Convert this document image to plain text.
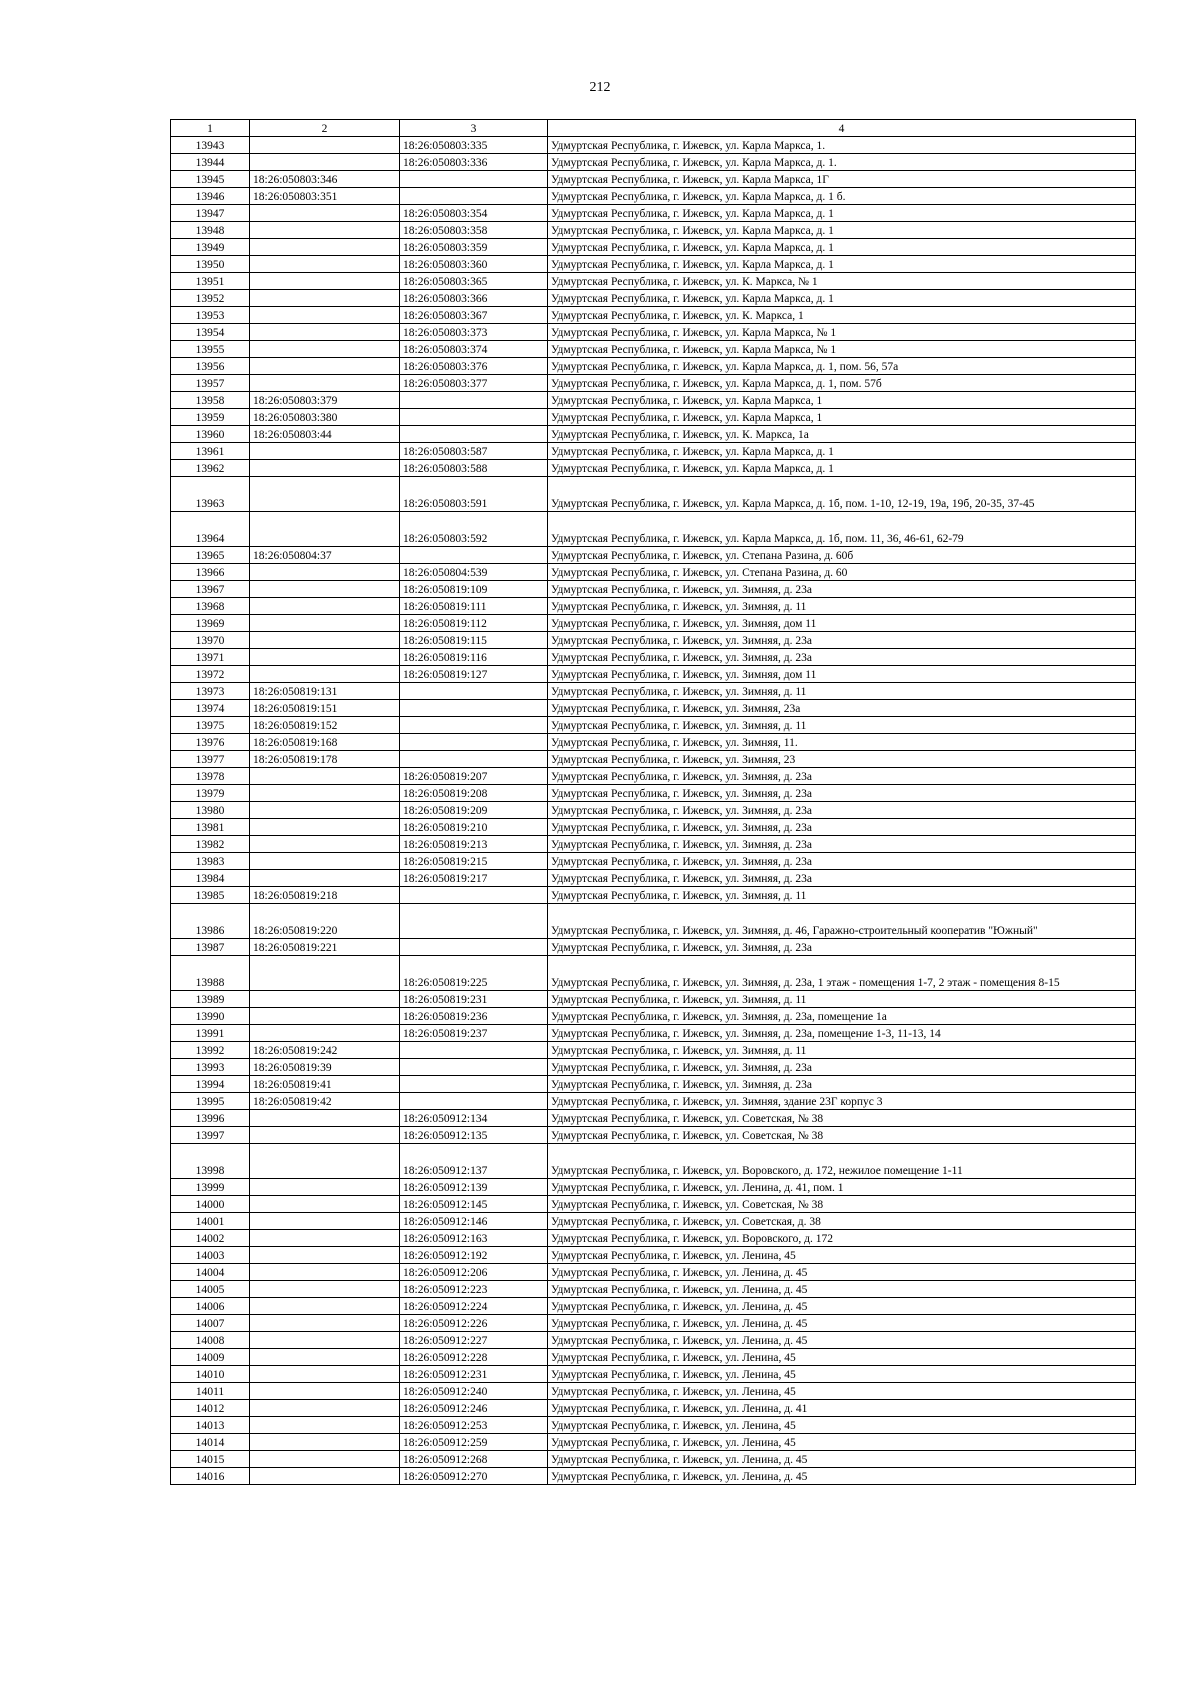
212
1	2	3	4
13943		18:26:050803:335	Удмуртская Республика, г. Ижевск, ул. Карла Маркса, 1.
13944		18:26:050803:336	Удмуртская Республика, г. Ижевск, ул. Карла Маркса, д. 1.
13945	18:26:050803:346		Удмуртская Республика, г. Ижевск, ул. Карла Маркса, 1Г
13946	18:26:050803:351		Удмуртская Республика, г. Ижевск, ул. Карла Маркса, д. 1 б.
13947		18:26:050803:354	Удмуртская Республика, г. Ижевск, ул. Карла Маркса, д. 1
13948		18:26:050803:358	Удмуртская Республика, г. Ижевск, ул. Карла Маркса, д. 1
13949		18:26:050803:359	Удмуртская Республика, г. Ижевск, ул. Карла Маркса, д. 1
13950		18:26:050803:360	Удмуртская Республика, г. Ижевск, ул. Карла Маркса, д. 1
13951		18:26:050803:365	Удмуртская Республика, г. Ижевск, ул. К. Маркса, № 1
13952		18:26:050803:366	Удмуртская Республика, г. Ижевск, ул. Карла Маркса, д. 1
13953		18:26:050803:367	Удмуртская Республика, г. Ижевск, ул. К. Маркса, 1
13954		18:26:050803:373	Удмуртская Республика, г. Ижевск, ул. Карла Маркса, № 1
13955		18:26:050803:374	Удмуртская Республика, г. Ижевск, ул. Карла Маркса, № 1
13956		18:26:050803:376	Удмуртская Республика, г. Ижевск, ул. Карла Маркса, д. 1, пом. 56, 57а
13957		18:26:050803:377	Удмуртская Республика, г. Ижевск, ул. Карла Маркса, д. 1, пом. 57б
13958	18:26:050803:379		Удмуртская Республика, г. Ижевск, ул. Карла Маркса, 1
13959	18:26:050803:380		Удмуртская Республика, г. Ижевск, ул. Карла Маркса, 1
13960	18:26:050803:44		Удмуртская Республика, г. Ижевск, ул. К. Маркса, 1а
13961		18:26:050803:587	Удмуртская Республика, г. Ижевск, ул. Карла Маркса, д. 1
13962		18:26:050803:588	Удмуртская Республика, г. Ижевск, ул. Карла Маркса, д. 1
13963		18:26:050803:591	Удмуртская Республика, г. Ижевск, ул. Карла Маркса, д. 1б, пом. 1-10, 12-19, 19а, 19б, 20-35, 37-45
13964		18:26:050803:592	Удмуртская Республика, г. Ижевск, ул. Карла Маркса, д. 1б, пом. 11, 36, 46-61, 62-79
13965	18:26:050804:37		Удмуртская Республика, г. Ижевск, ул. Степана Разина, д. 60б
13966		18:26:050804:539	Удмуртская Республика, г. Ижевск, ул. Степана Разина, д. 60
13967		18:26:050819:109	Удмуртская Республика, г. Ижевск, ул. Зимняя, д. 23а
13968		18:26:050819:111	Удмуртская Республика, г. Ижевск, ул. Зимняя, д. 11
13969		18:26:050819:112	Удмуртская Республика, г. Ижевск, ул. Зимняя, дом 11
13970		18:26:050819:115	Удмуртская Республика, г. Ижевск, ул. Зимняя, д. 23а
13971		18:26:050819:116	Удмуртская Республика, г. Ижевск, ул. Зимняя, д. 23а
13972		18:26:050819:127	Удмуртская Республика, г. Ижевск, ул. Зимняя, дом 11
13973	18:26:050819:131		Удмуртская Республика, г. Ижевск, ул. Зимняя, д. 11
13974	18:26:050819:151		Удмуртская Республика, г. Ижевск, ул. Зимняя, 23а
13975	18:26:050819:152		Удмуртская Республика, г. Ижевск, ул. Зимняя, д. 11
13976	18:26:050819:168		Удмуртская Республика, г. Ижевск, ул. Зимняя, 11.
13977	18:26:050819:178		Удмуртская Республика, г. Ижевск, ул. Зимняя, 23
13978		18:26:050819:207	Удмуртская Республика, г. Ижевск, ул. Зимняя, д. 23а
13979		18:26:050819:208	Удмуртская Республика, г. Ижевск, ул. Зимняя, д. 23а
13980		18:26:050819:209	Удмуртская Республика, г. Ижевск, ул. Зимняя, д. 23а
13981		18:26:050819:210	Удмуртская Республика, г. Ижевск, ул. Зимняя, д. 23а
13982		18:26:050819:213	Удмуртская Республика, г. Ижевск, ул. Зимняя, д. 23а
13983		18:26:050819:215	Удмуртская Республика, г. Ижевск, ул. Зимняя, д. 23а
13984		18:26:050819:217	Удмуртская Республика, г. Ижевск, ул. Зимняя, д. 23а
13985	18:26:050819:218		Удмуртская Республика, г. Ижевск, ул. Зимняя, д. 11
13986	18:26:050819:220		Удмуртская Республика, г. Ижевск, ул. Зимняя, д. 46, Гаражно-строительный кооператив "Южный"
13987	18:26:050819:221		Удмуртская Республика, г. Ижевск, ул. Зимняя, д. 23а
13988		18:26:050819:225	Удмуртская Республика, г. Ижевск, ул. Зимняя, д. 23а, 1 этаж - помещения 1-7, 2 этаж - помещения 8-15
13989		18:26:050819:231	Удмуртская Республика, г. Ижевск, ул. Зимняя, д. 11
13990		18:26:050819:236	Удмуртская Республика, г. Ижевск, ул. Зимняя, д. 23а, помещение 1а
13991		18:26:050819:237	Удмуртская Республика, г. Ижевск, ул. Зимняя, д. 23а, помещение 1-3, 11-13, 14
13992	18:26:050819:242		Удмуртская Республика, г. Ижевск, ул. Зимняя, д. 11
13993	18:26:050819:39		Удмуртская Республика, г. Ижевск, ул. Зимняя, д. 23а
13994	18:26:050819:41		Удмуртская Республика, г. Ижевск, ул. Зимняя, д. 23а
13995	18:26:050819:42		Удмуртская Республика, г. Ижевск, ул. Зимняя, здание 23Г корпус 3
13996		18:26:050912:134	Удмуртская Республика, г. Ижевск, ул. Советская, № 38
13997		18:26:050912:135	Удмуртская Республика, г. Ижевск, ул. Советская, № 38
13998		18:26:050912:137	Удмуртская Республика, г. Ижевск, ул. Воровского, д. 172, нежилое помещение 1-11
13999		18:26:050912:139	Удмуртская Республика, г. Ижевск, ул. Ленина, д. 41, пом. 1
14000		18:26:050912:145	Удмуртская Республика, г. Ижевск, ул. Советская, № 38
14001		18:26:050912:146	Удмуртская Республика, г. Ижевск, ул. Советская, д. 38
14002		18:26:050912:163	Удмуртская Республика, г. Ижевск, ул. Воровского, д. 172
14003		18:26:050912:192	Удмуртская Республика, г. Ижевск, ул. Ленина, 45
14004		18:26:050912:206	Удмуртская Республика, г. Ижевск, ул. Ленина, д. 45
14005		18:26:050912:223	Удмуртская Республика, г. Ижевск, ул. Ленина, д. 45
14006		18:26:050912:224	Удмуртская Республика, г. Ижевск, ул. Ленина, д. 45
14007		18:26:050912:226	Удмуртская Республика, г. Ижевск, ул. Ленина, д. 45
14008		18:26:050912:227	Удмуртская Республика, г. Ижевск, ул. Ленина, д. 45
14009		18:26:050912:228	Удмуртская Республика, г. Ижевск, ул. Ленина, 45
14010		18:26:050912:231	Удмуртская Республика, г. Ижевск, ул. Ленина, 45
14011		18:26:050912:240	Удмуртская Республика, г. Ижевск, ул. Ленина, 45
14012		18:26:050912:246	Удмуртская Республика, г. Ижевск, ул. Ленина, д. 41
14013		18:26:050912:253	Удмуртская Республика, г. Ижевск, ул. Ленина, 45
14014		18:26:050912:259	Удмуртская Республика, г. Ижевск, ул. Ленина, 45
14015		18:26:050912:268	Удмуртская Республика, г. Ижевск, ул. Ленина, д. 45
14016		18:26:050912:270	Удмуртская Республика, г. Ижевск, ул. Ленина, д. 45
